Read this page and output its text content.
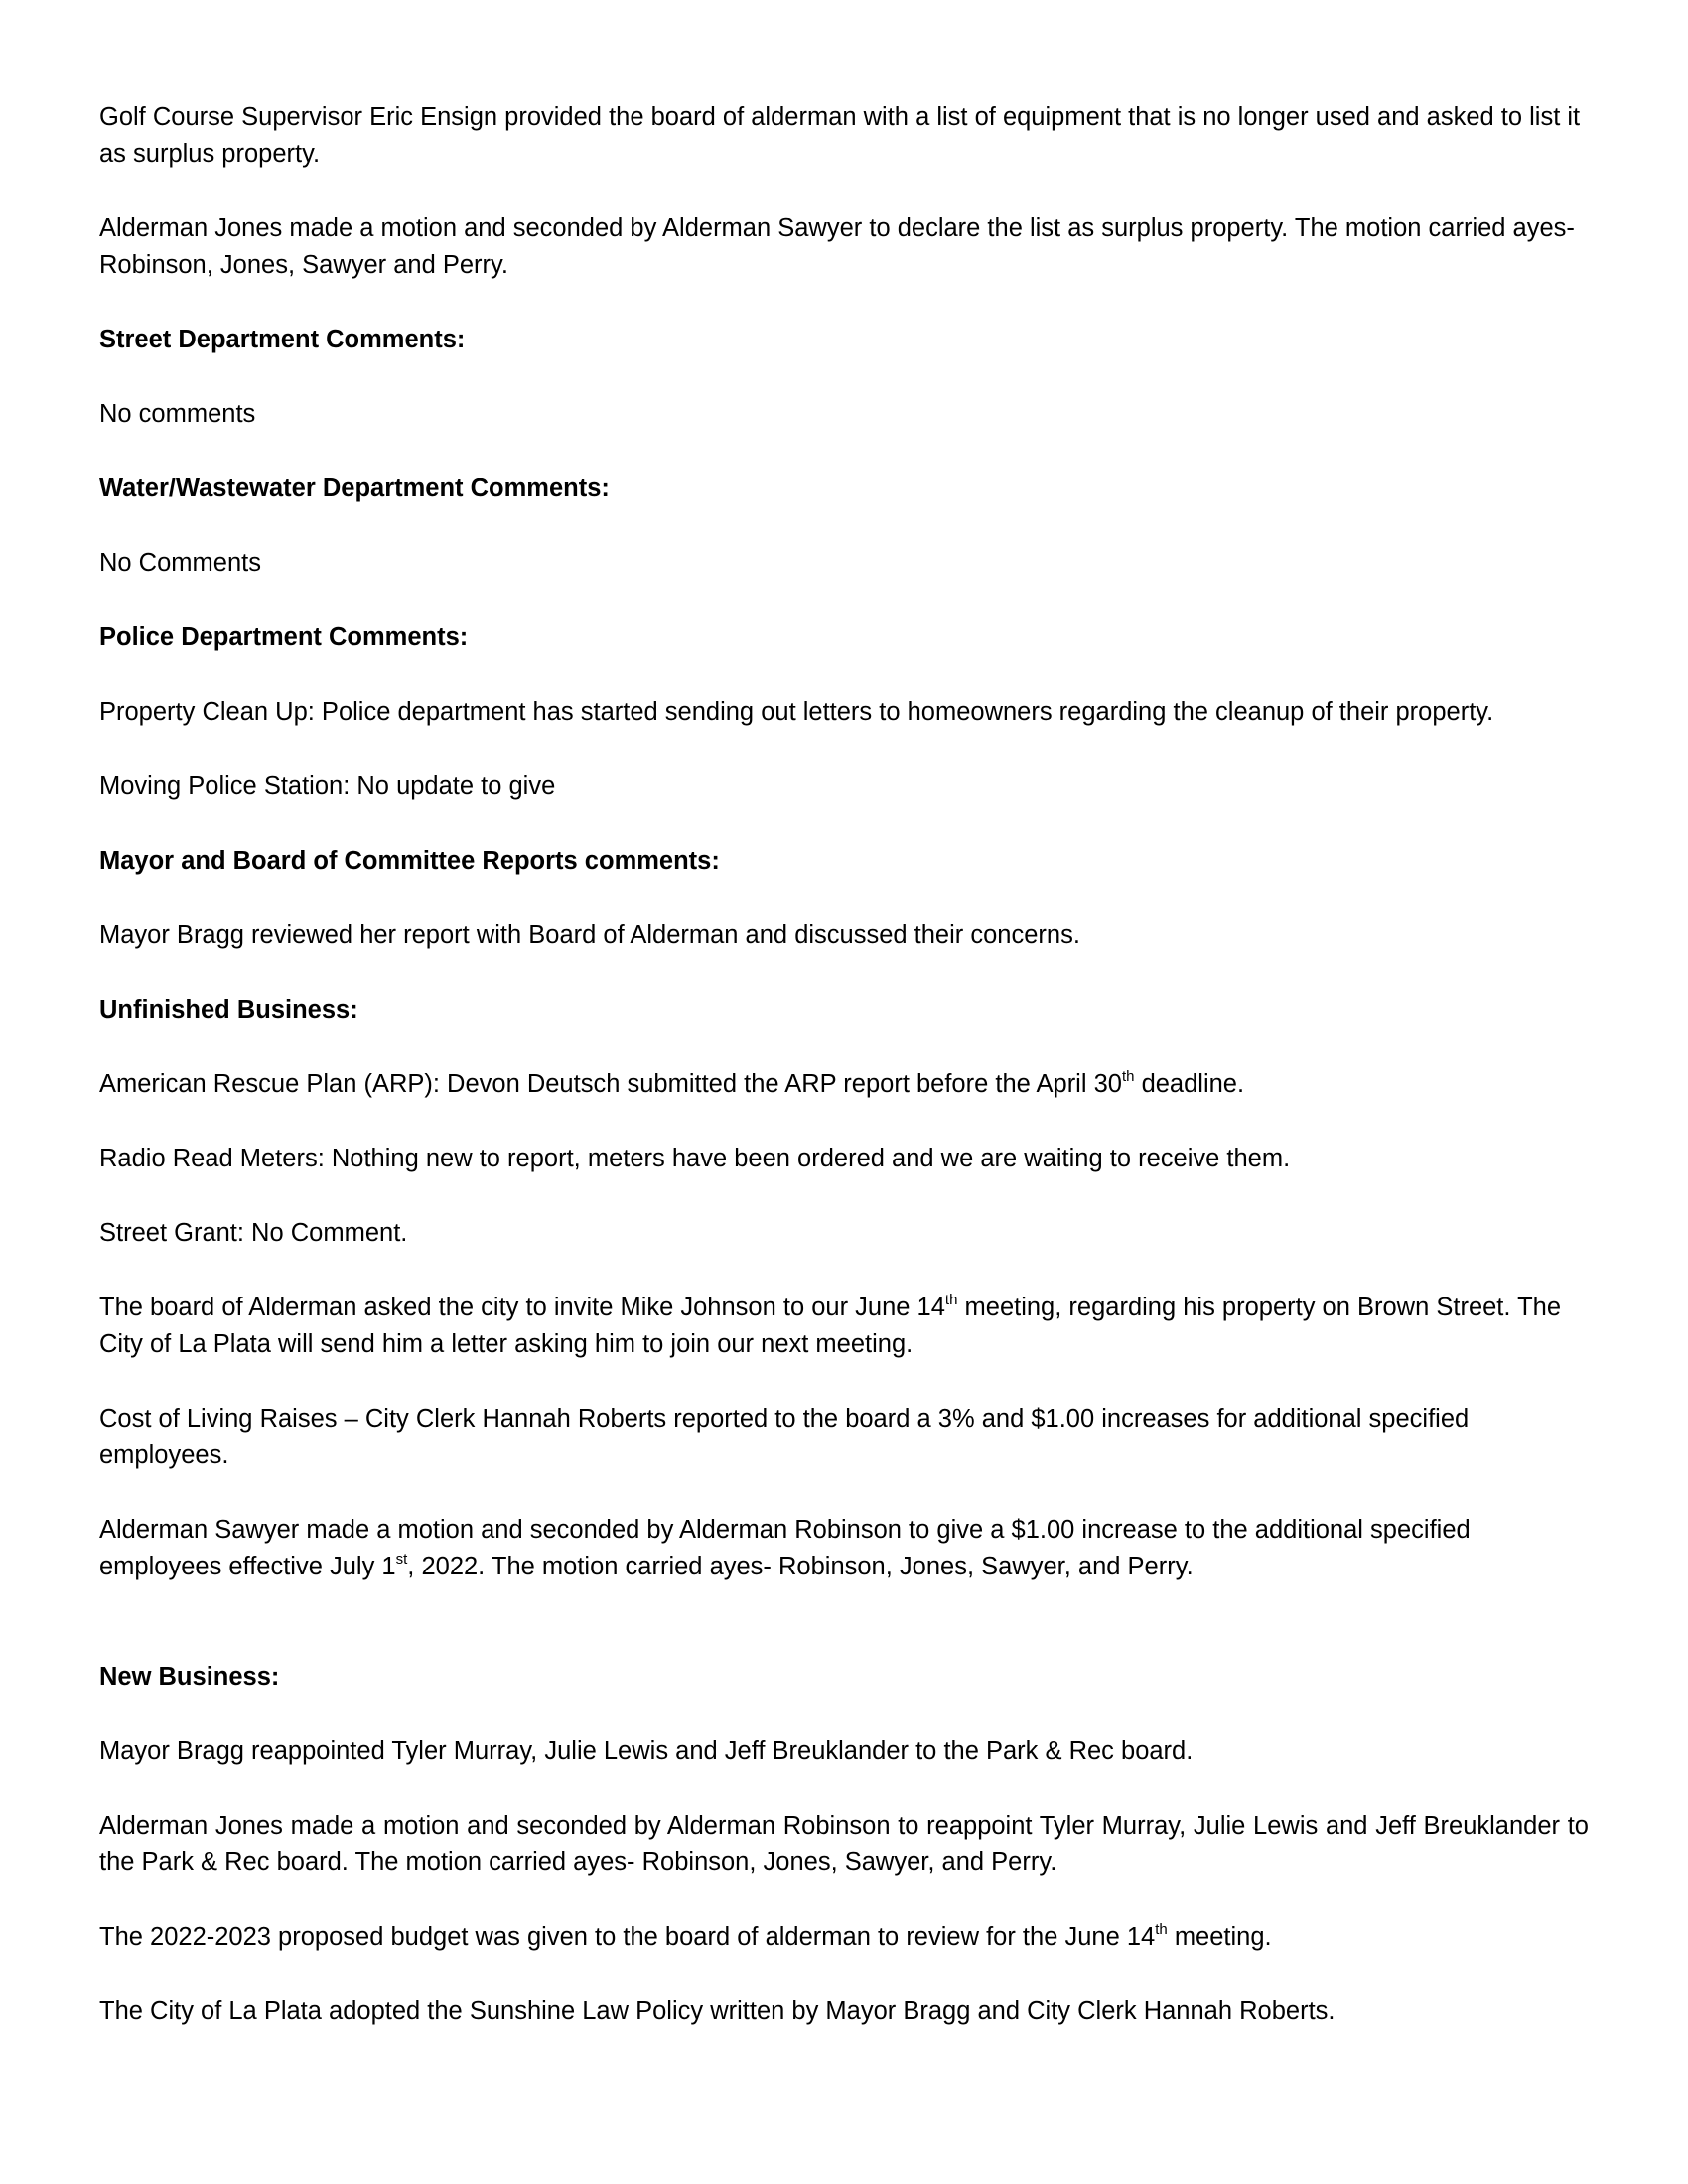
Golf Course Supervisor Eric Ensign provided the board of alderman with a list of equipment that is no longer used and asked to list it as surplus property.

Alderman Jones made a motion and seconded by Alderman Sawyer to declare the list as surplus property. The motion carried ayes- Robinson, Jones, Sawyer and Perry.

Street Department Comments:

No comments

Water/Wastewater Department Comments:

No Comments

Police Department Comments:

Property Clean Up: Police department has started sending out letters to homeowners regarding the cleanup of their property.

Moving Police Station: No update to give

Mayor and Board of Committee Reports comments:

Mayor Bragg reviewed her report with Board of Alderman and discussed their concerns.

Unfinished Business:

American Rescue Plan (ARP): Devon Deutsch submitted the ARP report before the April 30th deadline.

Radio Read Meters: Nothing new to report, meters have been ordered and we are waiting to receive them.

Street Grant: No Comment.

The board of Alderman asked the city to invite Mike Johnson to our June 14th meeting, regarding his property on Brown Street. The City of La Plata will send him a letter asking him to join our next meeting.

Cost of Living Raises – City Clerk Hannah Roberts reported to the board a 3% and $1.00 increases for additional specified employees.

Alderman Sawyer made a motion and seconded by Alderman Robinson to give a $1.00 increase to the additional specified employees effective July 1st, 2022. The motion carried ayes- Robinson, Jones, Sawyer, and Perry.

New Business:

Mayor Bragg reappointed Tyler Murray, Julie Lewis and Jeff Breuklander to the Park & Rec board.

Alderman Jones made a motion and seconded by Alderman Robinson to reappoint Tyler Murray, Julie Lewis and Jeff Breuklander to the Park & Rec board. The motion carried ayes- Robinson, Jones, Sawyer, and Perry.

The 2022-2023 proposed budget was given to the board of alderman to review for the June 14th meeting.

The City of La Plata adopted the Sunshine Law Policy written by Mayor Bragg and City Clerk Hannah Roberts.
